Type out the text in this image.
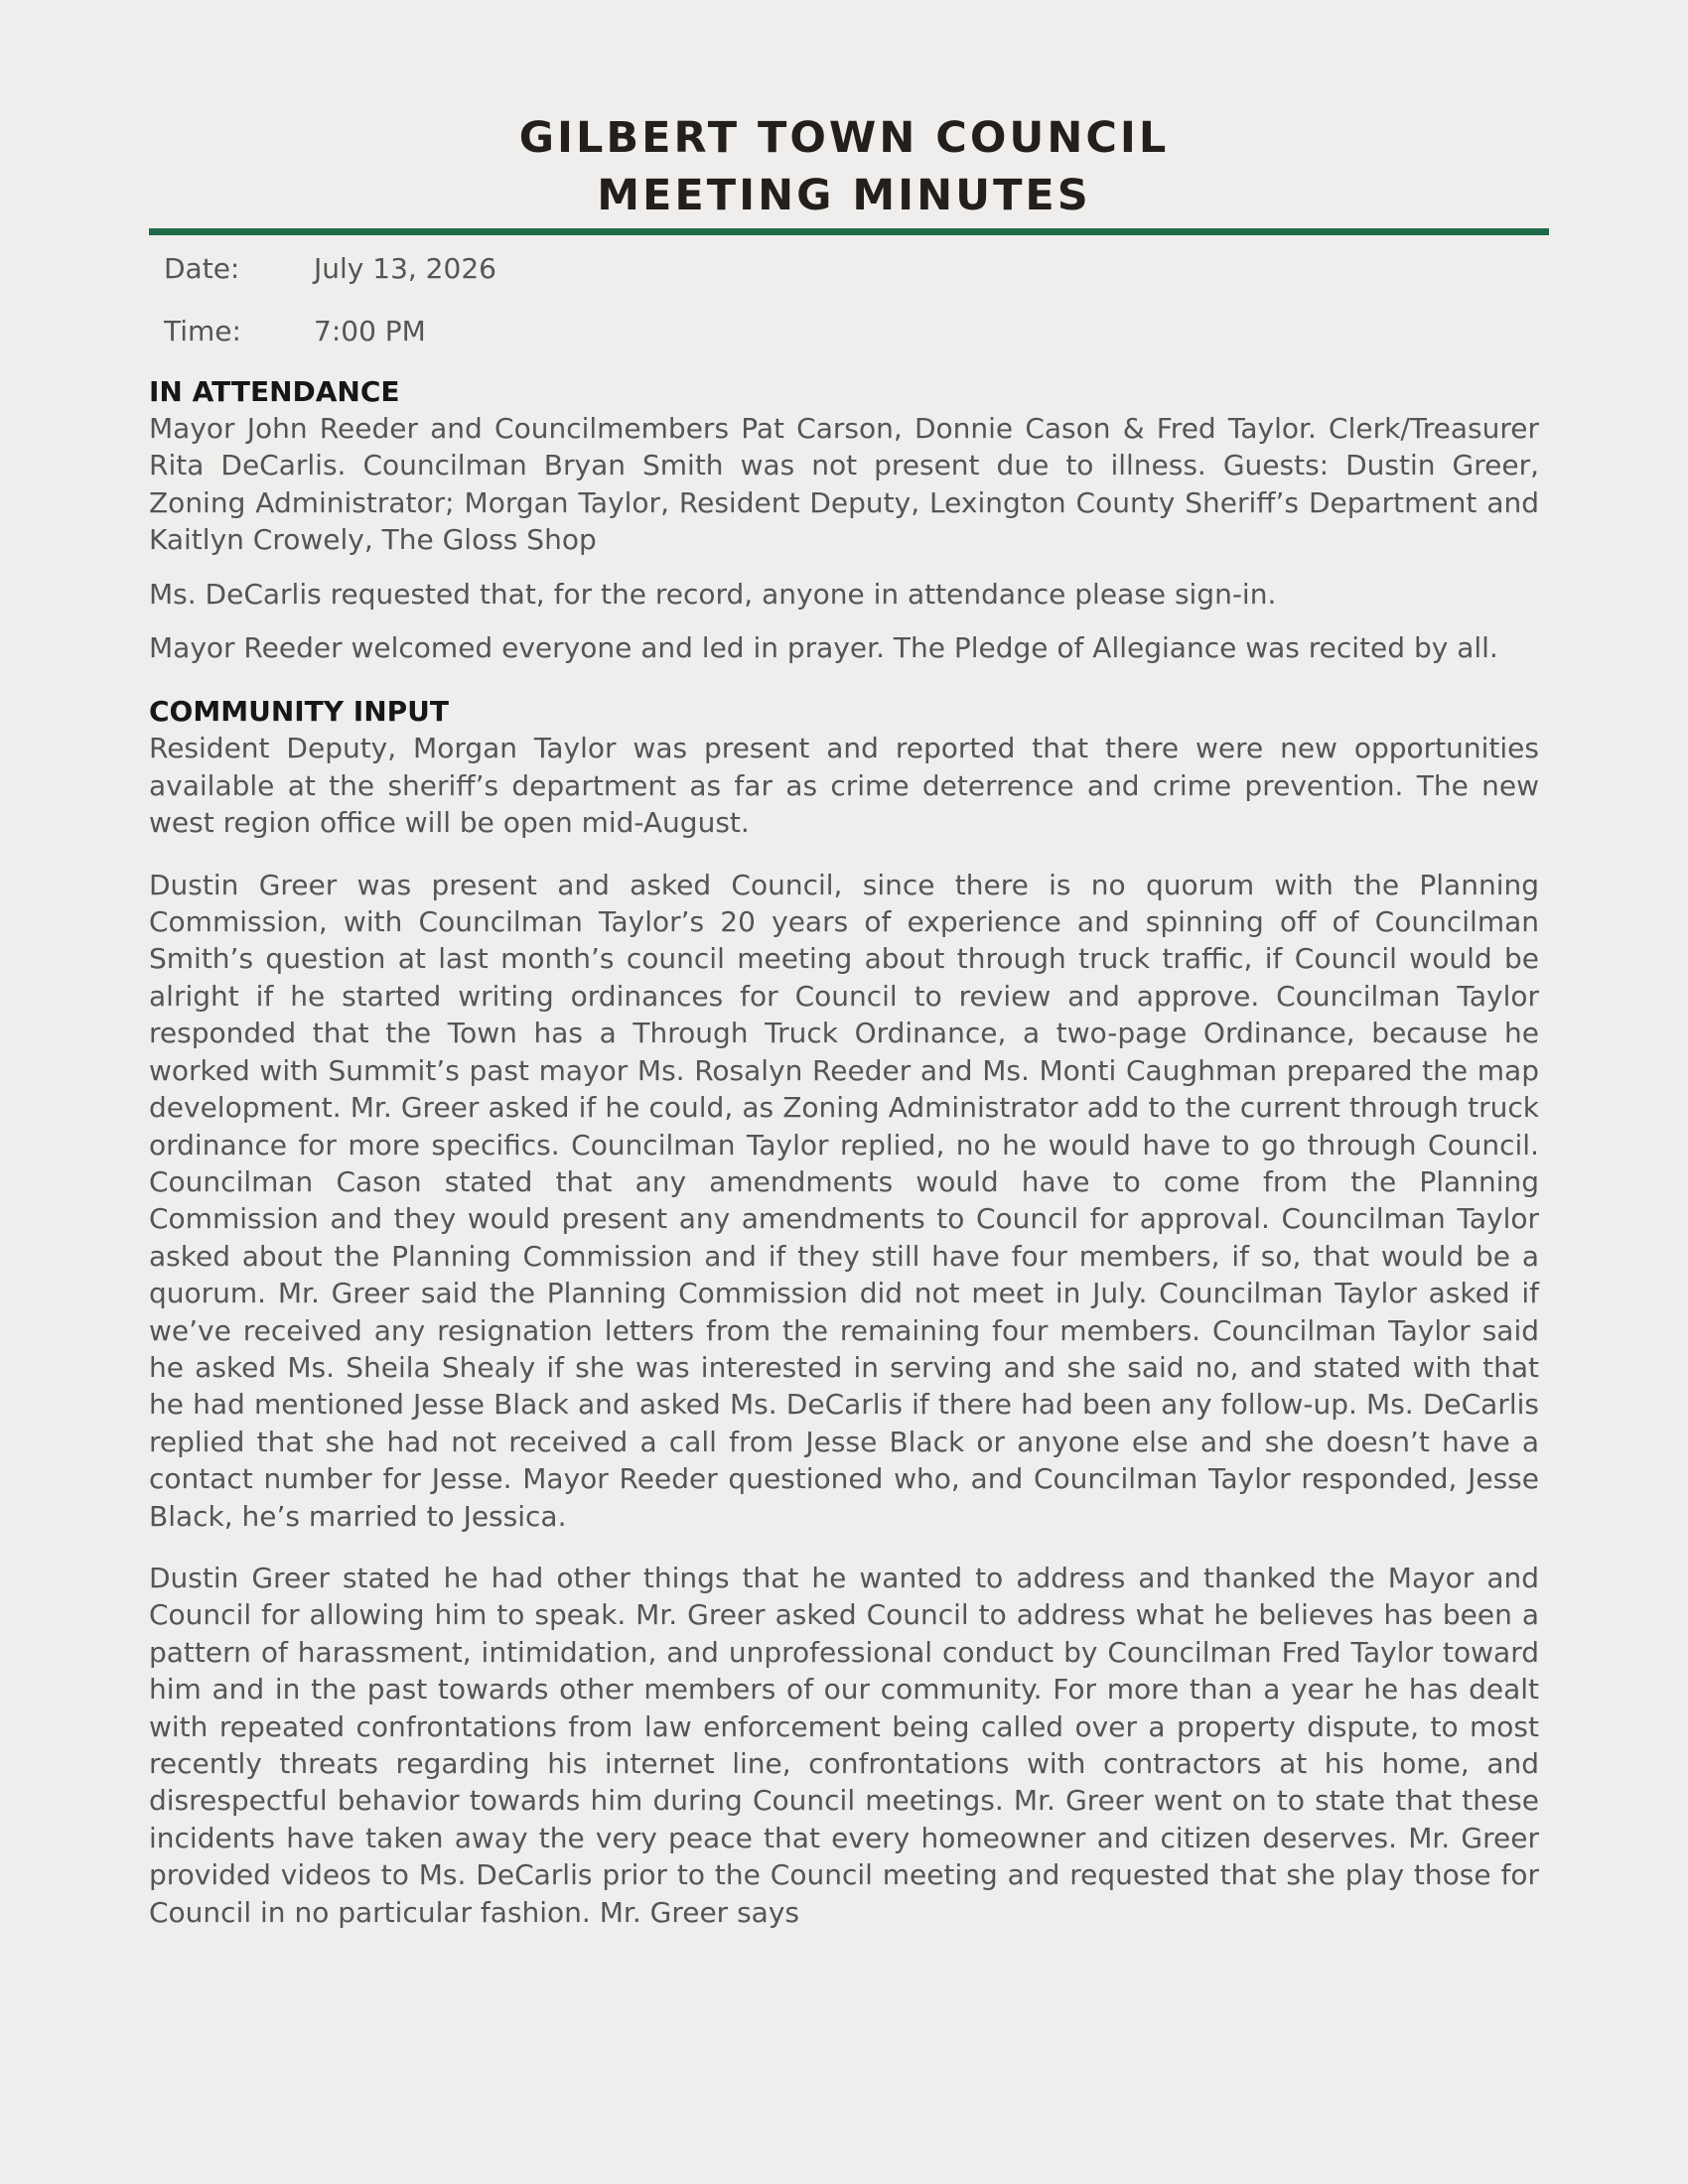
GILBERT TOWN COUNCIL

MEETING MINUTES

Date:	July 13, 2026
Time:	7:00 PM
IN ATTENDANCE

Mayor John Reeder and Councilmembers Pat Carson, Donnie Cason & Fred Taylor. Clerk/Treasurer Rita DeCarlis. Councilman Bryan Smith was not present due to illness. Guests: Dustin Greer, Zoning Administrator; Morgan Taylor, Resident Deputy, Lexington County Sheriff’s Department and Kaitlyn Crowely, The Gloss Shop

Ms. DeCarlis requested that, for the record, anyone in attendance please sign-in.

Mayor Reeder welcomed everyone and led in prayer. The Pledge of Allegiance was recited by all.

COMMUNITY INPUT

Resident Deputy, Morgan Taylor was present and reported that there were new opportunities available at the sheriff’s department as far as crime deterrence and crime prevention. The new west region office will be open mid-August.

Dustin Greer was present and asked Council, since there is no quorum with the Planning Commission, with Councilman Taylor’s 20 years of experience and spinning off of Councilman Smith’s question at last month’s council meeting about through truck traffic, if Council would be alright if he started writing ordinances for Council to review and approve. Councilman Taylor responded that the Town has a Through Truck Ordinance, a two-page Ordinance, because he worked with Summit’s past mayor Ms. Rosalyn Reeder and Ms. Monti Caughman prepared the map development. Mr. Greer asked if he could, as Zoning Administrator add to the current through truck ordinance for more specifics. Councilman Taylor replied, no he would have to go through Council. Councilman Cason stated that any amendments would have to come from the Planning Commission and they would present any amendments to Council for approval. Councilman Taylor asked about the Planning Commission and if they still have four members, if so, that would be a quorum. Mr. Greer said the Planning Commission did not meet in July. Councilman Taylor asked if we’ve received any resignation letters from the remaining four members. Councilman Taylor said he asked Ms. Sheila Shealy if she was interested in serving and she said no, and stated with that he had mentioned Jesse Black and asked Ms. DeCarlis if there had been any follow-up. Ms. DeCarlis replied that she had not received a call from Jesse Black or anyone else and she doesn’t have a contact number for Jesse. Mayor Reeder questioned who, and Councilman Taylor responded, Jesse Black, he’s married to Jessica.

Dustin Greer stated he had other things that he wanted to address and thanked the Mayor and Council for allowing him to speak. Mr. Greer asked Council to address what he believes has been a pattern of harassment, intimidation, and unprofessional conduct by Councilman Fred Taylor toward him and in the past towards other members of our community. For more than a year he has dealt with repeated confrontations from law enforcement being called over a property dispute, to most recently threats regarding his internet line, confrontations with contractors at his home, and disrespectful behavior towards him during Council meetings. Mr. Greer went on to state that these incidents have taken away the very peace that every homeowner and citizen deserves. Mr. Greer provided videos to Ms. DeCarlis prior to the Council meeting and requested that she play those for Council in no particular fashion. Mr. Greer says
